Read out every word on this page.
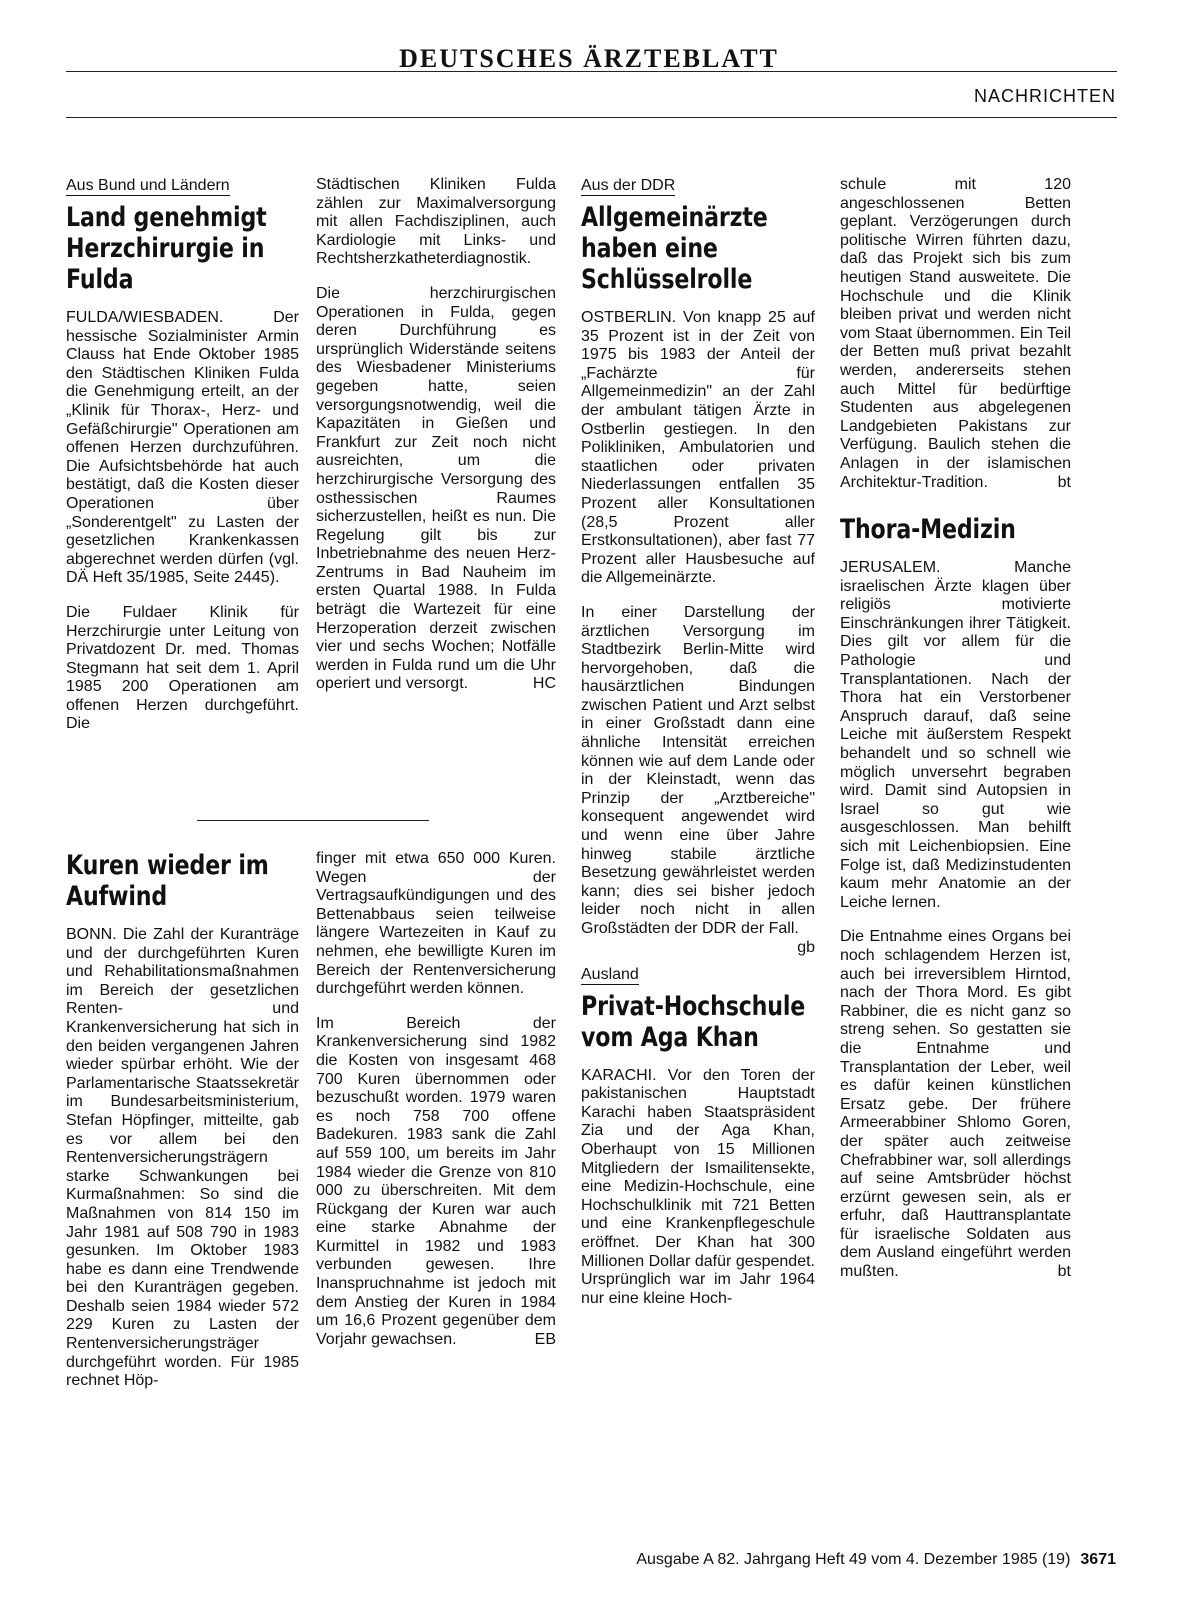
DEUTSCHES ÄRZTEBLATT
NACHRICHTEN
Aus Bund und Ländern
Land genehmigt Herzchirurgie in Fulda

FULDA/WIESBADEN. Der hessische Sozialminister Armin Clauss hat Ende Oktober 1985 den Städtischen Kliniken Fulda die Genehmigung erteilt, an der „Klinik für Thorax-, Herz- und Gefäßchirurgie" Operationen am offenen Herzen durchzuführen. Die Aufsichtsbehörde hat auch bestätigt, daß die Kosten dieser Operationen über „Sonderentgelt" zu Lasten der gesetzlichen Krankenkassen abgerechnet werden dürfen (vgl. DÄ Heft 35/1985, Seite 2445).

Die Fuldaer Klinik für Herzchirurgie unter Leitung von Privatdozent Dr. med. Thomas Stegmann hat seit dem 1. April 1985 200 Operationen am offenen Herzen durchgeführt. Die

Städtischen Kliniken Fulda zählen zur Maximalversorgung mit allen Fachdisziplinen, auch Kardiologie mit Links- und Rechtsherzkatheterdiagnostik.

Die herzchirurgischen Operationen in Fulda, gegen deren Durchführung es ursprünglich Widerstände seitens des Wiesbadener Ministeriums gegeben hatte, seien versorgungsnotwendig, weil die Kapazitäten in Gießen und Frankfurt zur Zeit noch nicht ausreichten, um die herzchirurgische Versorgung des osthessischen Raumes sicherzustellen, heißt es nun. Die Regelung gilt bis zur Inbetriebnahme des neuen Herz-Zentrums in Bad Nauheim im ersten Quartal 1988. In Fulda beträgt die Wartezeit für eine Herzoperation derzeit zwischen vier und sechs Wochen; Notfälle werden in Fulda rund um die Uhr operiert und versorgt.	HC

Kuren wieder im Aufwind

BONN. Die Zahl der Kuranträge und der durchgeführten Kuren und Rehabilitationsmaßnahmen im Bereich der gesetzlichen Renten- und Krankenversicherung hat sich in den beiden vergangenen Jahren wieder spürbar erhöht. Wie der Parlamentarische Staatssekretär im Bundesarbeitsministerium, Stefan Höpfinger, mitteilte, gab es vor allem bei den Rentenversicherungsträgern starke Schwankungen bei Kurmaßnahmen: So sind die Maßnahmen von 814 150 im Jahr 1981 auf 508 790 in 1983 gesunken. Im Oktober 1983 habe es dann eine Trendwende bei den Kuranträgen gegeben. Deshalb seien 1984 wieder 572 229 Kuren zu Lasten der Rentenversicherungsträger durchgeführt worden. Für 1985 rechnet Höp-

finger mit etwa 650 000 Kuren. Wegen der Vertragsaufkündigungen und des Bettenabbaus seien teilweise längere Wartezeiten in Kauf zu nehmen, ehe bewilligte Kuren im Bereich der Rentenversicherung durchgeführt werden können.

Im Bereich der Krankenversicherung sind 1982 die Kosten von insgesamt 468 700 Kuren übernommen oder bezuschußt worden. 1979 waren es noch 758 700 offene Badekuren. 1983 sank die Zahl auf 559 100, um bereits im Jahr 1984 wieder die Grenze von 810 000 zu überschreiten. Mit dem Rückgang der Kuren war auch eine starke Abnahme der Kurmittel in 1982 und 1983 verbunden gewesen. Ihre Inanspruchnahme ist jedoch mit dem Anstieg der Kuren in 1984 um 16,6 Prozent gegenüber dem Vorjahr gewachsen.	EB

Aus der DDR
Allgemeinärzte haben eine Schlüsselrolle

OSTBERLIN. Von knapp 25 auf 35 Prozent ist in der Zeit von 1975 bis 1983 der Anteil der „Fachärzte für Allgemeinmedizin" an der Zahl der ambulant tätigen Ärzte in Ostberlin gestiegen. In den Polikliniken, Ambulatorien und staatlichen oder privaten Niederlassungen entfallen 35 Prozent aller Konsultationen (28,5 Prozent aller Erstkonsultationen), aber fast 77 Prozent aller Hausbesuche auf die Allgemeinärzte.

In einer Darstellung der ärztlichen Versorgung im Stadtbezirk Berlin-Mitte wird hervorgehoben, daß die hausärztlichen Bindungen zwischen Patient und Arzt selbst in einer Großstadt dann eine ähnliche Intensität erreichen können wie auf dem Lande oder in der Kleinstadt, wenn das Prinzip der „Arztbereiche" konsequent angewendet wird und wenn eine über Jahre hinweg stabile ärztliche Besetzung gewährleistet werden kann; dies sei bisher jedoch leider noch nicht in allen Großstädten der DDR der Fall.
gb

Ausland
Privat-Hochschule vom Aga Khan

KARACHI. Vor den Toren der pakistanischen Hauptstadt Karachi haben Staatspräsident Zia und der Aga Khan, Oberhaupt von 15 Millionen Mitgliedern der Ismailitensekte, eine Medizin-Hochschule, eine Hochschulklinik mit 721 Betten und eine Krankenpflegeschule eröffnet. Der Khan hat 300 Millionen Dollar dafür gespendet. Ursprünglich war im Jahr 1964 nur eine kleine Hoch-

schule mit 120 angeschlossenen Betten geplant. Verzögerungen durch politische Wirren führten dazu, daß das Projekt sich bis zum heutigen Stand ausweitete. Die Hochschule und die Klinik bleiben privat und werden nicht vom Staat übernommen. Ein Teil der Betten muß privat bezahlt werden, andererseits stehen auch Mittel für bedürftige Studenten aus abgelegenen Landgebieten Pakistans zur Verfügung. Baulich stehen die Anlagen in der islamischen Architektur-Tradition.	bt

Thora-Medizin

JERUSALEM. Manche israelischen Ärzte klagen über religiös motivierte Einschränkungen ihrer Tätigkeit. Dies gilt vor allem für die Pathologie und Transplantationen. Nach der Thora hat ein Verstorbener Anspruch darauf, daß seine Leiche mit äußerstem Respekt behandelt und so schnell wie möglich unversehrt begraben wird. Damit sind Autopsien in Israel so gut wie ausgeschlossen. Man behilft sich mit Leichenbiopsien. Eine Folge ist, daß Medizinstudenten kaum mehr Anatomie an der Leiche lernen.

Die Entnahme eines Organs bei noch schlagendem Herzen ist, auch bei irreversiblem Hirntod, nach der Thora Mord. Es gibt Rabbiner, die es nicht ganz so streng sehen. So gestatten sie die Entnahme und Transplantation der Leber, weil es dafür keinen künstlichen Ersatz gebe. Der frühere Armeerabbiner Shlomo Goren, der später auch zeitweise Chefrabbiner war, soll allerdings auf seine Amtsbrüder höchst erzürnt gewesen sein, als er erfuhr, daß Hauttransplantate für israelische Soldaten aus dem Ausland eingeführt werden mußten.	bt

Ausgabe A 82. Jahrgang Heft 49 vom 4. Dezember 1985 (19) 3671
